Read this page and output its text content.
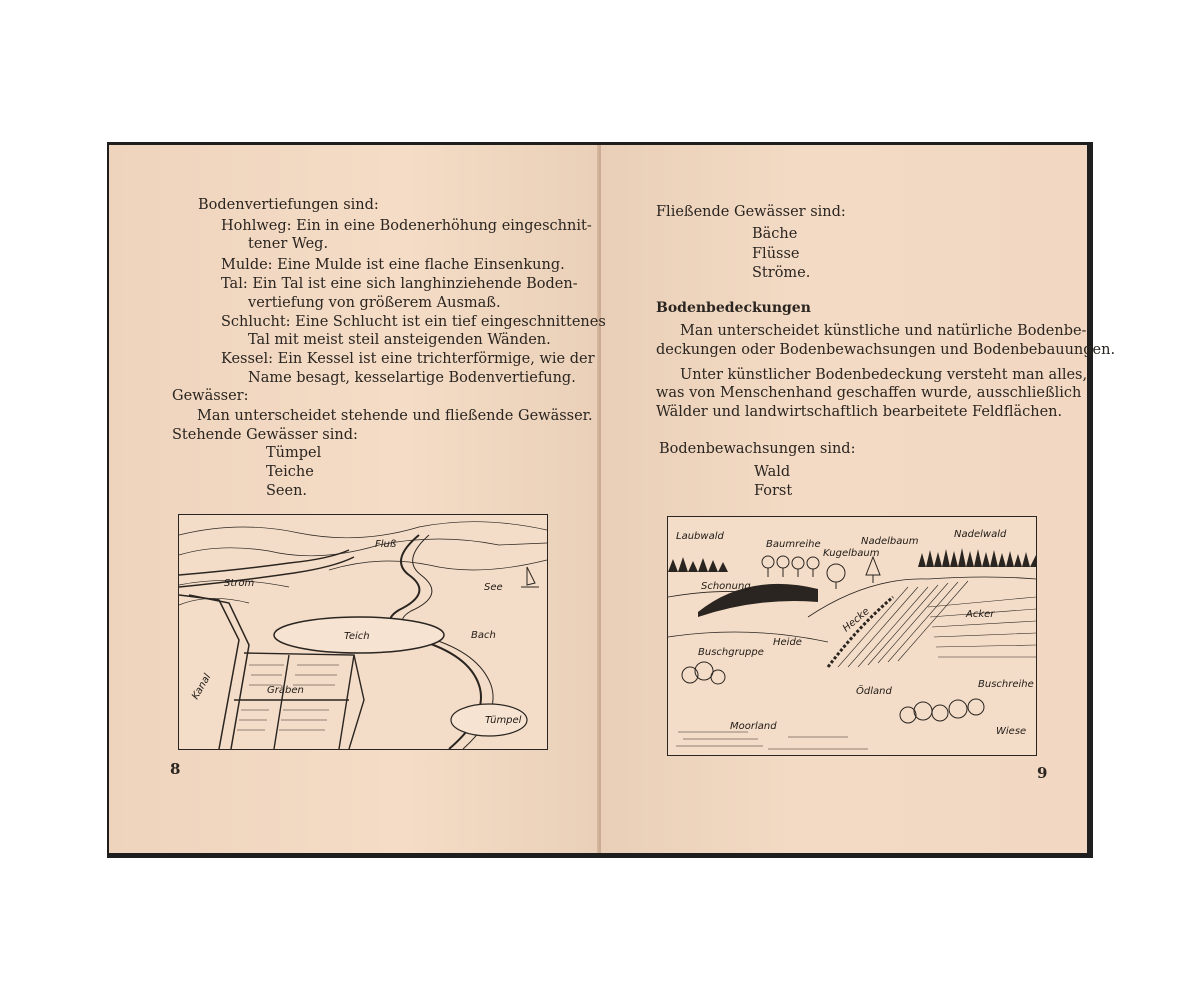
Bodenvertiefungen sind:
Hohlweg: Ein in eine Bodenerhöhung eingeschnit-
tener Weg.
Mulde: Eine Mulde ist eine flache Einsenkung.
Tal: Ein Tal ist eine sich langhinziehende Boden-
vertiefung von größerem Ausmaß.
Schlucht: Eine Schlucht ist ein tief eingeschnittenes
Tal mit meist steil ansteigenden Wänden.
Kessel: Ein Kessel ist eine trichterförmige, wie der
Name besagt, kesselartige Bodenvertiefung.
Gewässer:
Man unterscheidet stehende und fließende Gewässer.
Stehende Gewässer sind:
Tümpel
Teiche
Seen.
Fluß
Strom	See
Teich	Bach
Kanal	Gräben
Tümpel
8
Fließende Gewässer sind:
Bäche
Flüsse
Ströme.
Bodenbedeckungen
Man unterscheidet künstliche und natürliche Bodenbe-
deckungen oder Bodenbewachsungen und Bodenbebauungen.
Unter künstlicher Bodenbedeckung versteht man alles,
was von Menschenhand geschaffen wurde, ausschließlich
Wälder und landwirtschaftlich bearbeitete Feldflächen.
Bodenbewachsungen sind:
Wald
Forst
Laubwald
Baumreihe
Kugelbaum
Nadelbaum
Nadelwald
Schonung
Hecke	Acker
Heide
Buschgruppe
Ödland
Buschreihe
Moorland	Wiese
9
